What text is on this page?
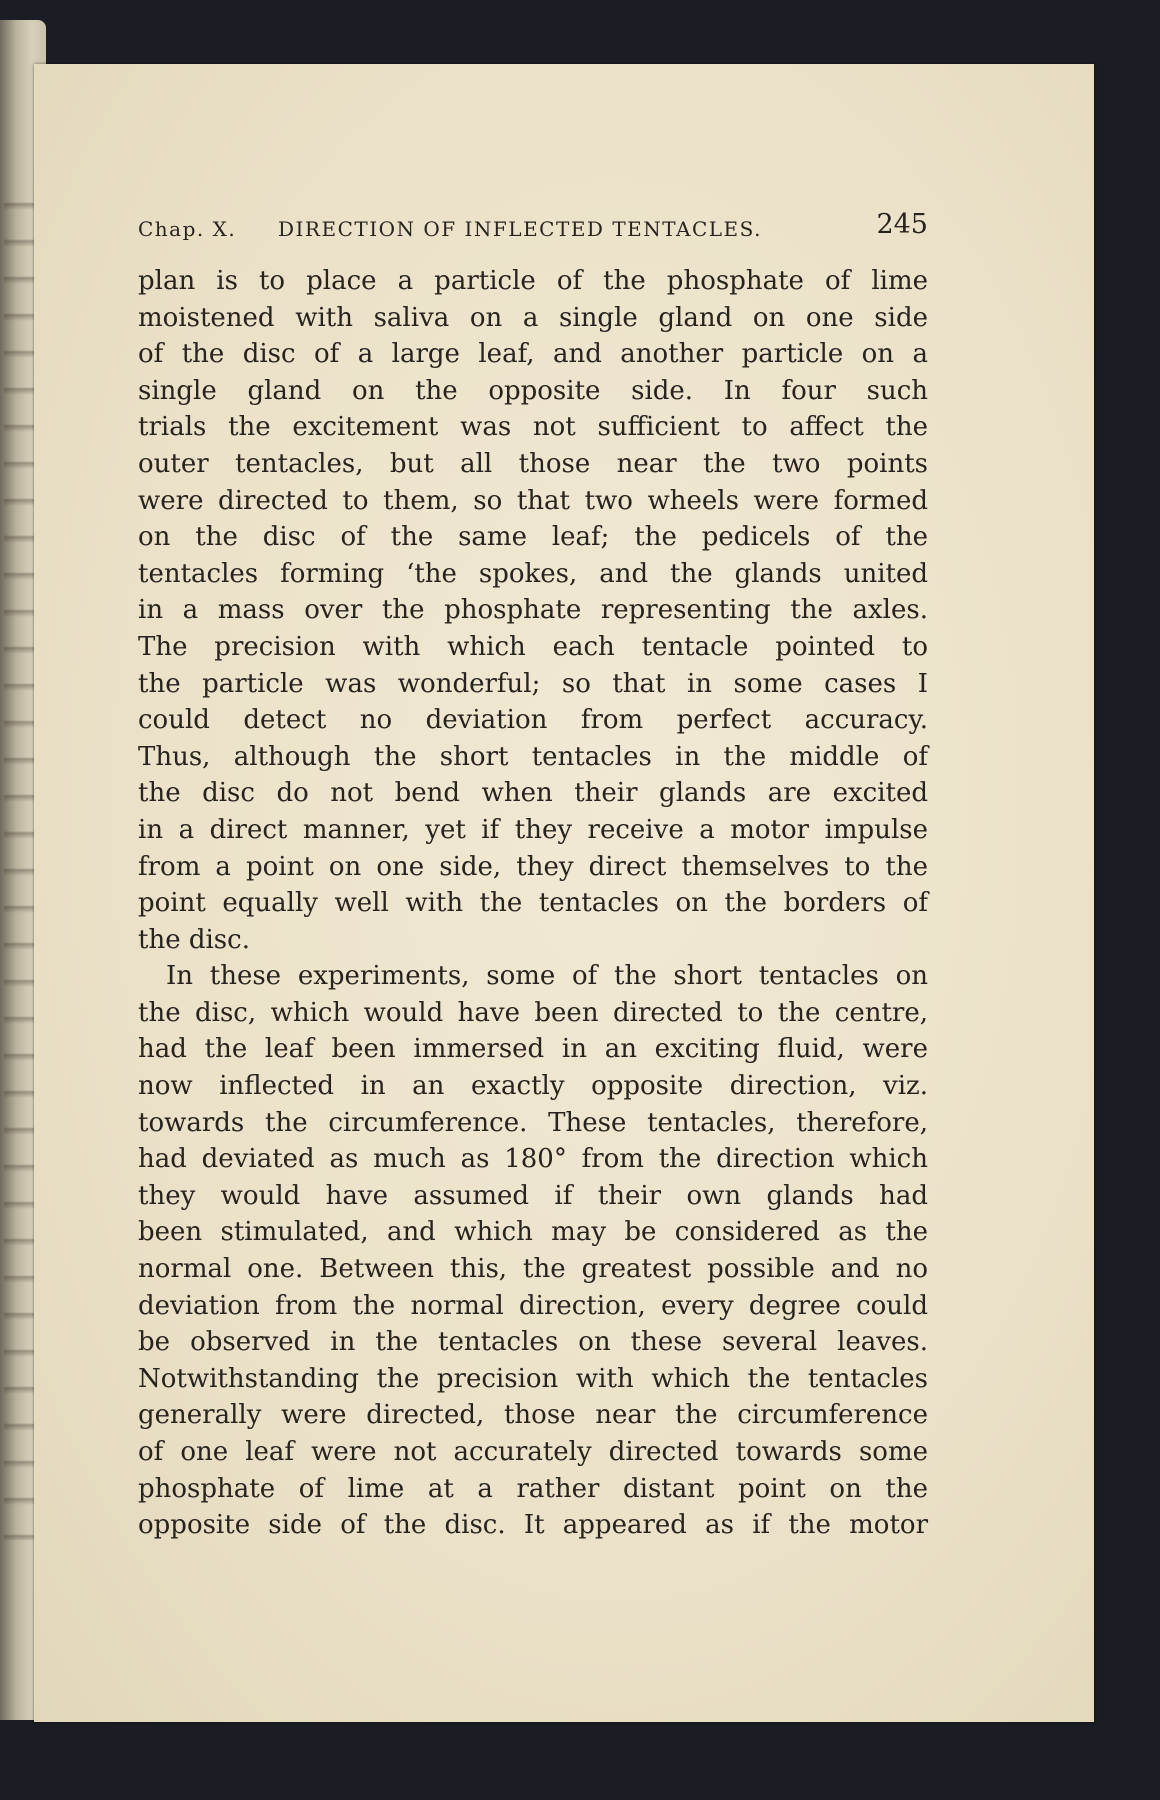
Chap. X. DIRECTION OF INFLECTED TENTACLES.	245
plan is to place a particle of the phosphate of lime
moistened with saliva on a single gland on one side
of the disc of a large leaf, and another particle on a
single gland on the opposite side. In four such
trials the excitement was not sufficient to affect the
outer tentacles, but all those near the two points
were directed to them, so that two wheels were formed
on the disc of the same leaf; the pedicels of the
tentacles forming ‘the spokes, and the glands united
in a mass over the phosphate representing the axles.
The precision with which each tentacle pointed to
the particle was wonderful; so that in some cases I
could detect no deviation from perfect accuracy.
Thus, although the short tentacles in the middle of
the disc do not bend when their glands are excited
in a direct manner, yet if they receive a motor impulse
from a point on one side, they direct themselves to the
point equally well with the tentacles on the borders of
the disc.
In these experiments, some of the short tentacles on
the disc, which would have been directed to the centre,
had the leaf been immersed in an exciting fluid, were
now inflected in an exactly opposite direction, viz.
towards the circumference. These tentacles, therefore,
had deviated as much as 180° from the direction which
they would have assumed if their own glands had
been stimulated, and which may be considered as the
normal one. Between this, the greatest possible and no
deviation from the normal direction, every degree could
be observed in the tentacles on these several leaves.
Notwithstanding the precision with which the tentacles
generally were directed, those near the circumference
of one leaf were not accurately directed towards some
phosphate of lime at a rather distant point on the
opposite side of the disc. It appeared as if the motor
